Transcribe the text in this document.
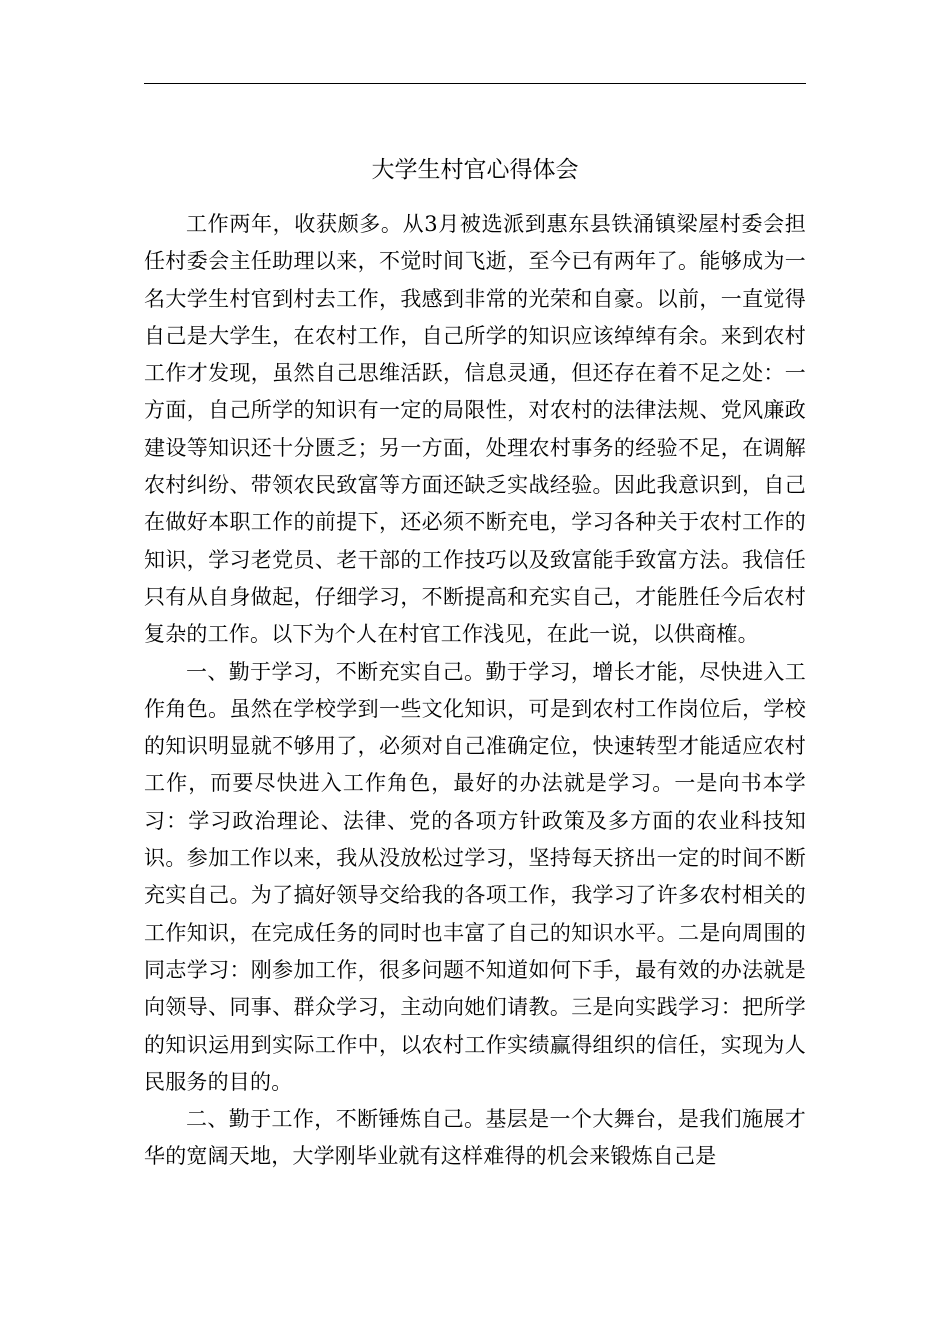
大学生村官心得体会

工作两年，收获颇多。从3月被选派到惠东县铁涌镇梁屋村委会担任村委会主任助理以来，不觉时间飞逝，至今已有两年了。能够成为一名大学生村官到村去工作，我感到非常的光荣和自豪。以前，一直觉得自己是大学生，在农村工作，自己所学的知识应该绰绰有余。来到农村工作才发现，虽然自己思维活跃，信息灵通，但还存在着不足之处：一方面，自己所学的知识有一定的局限性，对农村的法律法规、党风廉政建设等知识还十分匮乏；另一方面，处理农村事务的经验不足，在调解农村纠纷、带领农民致富等方面还缺乏实战经验。因此我意识到，自己在做好本职工作的前提下，还必须不断充电，学习各种关于农村工作的知识，学习老党员、老干部的工作技巧以及致富能手致富方法。我信任只有从自身做起，仔细学习，不断提高和充实自己，才能胜任今后农村复杂的工作。以下为个人在村官工作浅见，在此一说，以供商榷。

一、勤于学习，不断充实自己。勤于学习，增长才能，尽快进入工作角色。虽然在学校学到一些文化知识，可是到农村工作岗位后，学校的知识明显就不够用了，必须对自己准确定位，快速转型才能适应农村工作，而要尽快进入工作角色，最好的办法就是学习。一是向书本学习：学习政治理论、法律、党的各项方针政策及多方面的农业科技知识。参加工作以来，我从没放松过学习，坚持每天挤出一定的时间不断充实自己。为了搞好领导交给我的各项工作，我学习了许多农村相关的工作知识，在完成任务的同时也丰富了自己的知识水平。二是向周围的同志学习：刚参加工作，很多问题不知道如何下手，最有效的办法就是向领导、同事、群众学习，主动向她们请教。三是向实践学习：把所学的知识运用到实际工作中，以农村工作实绩赢得组织的信任，实现为人民服务的目的。

二、勤于工作，不断锤炼自己。基层是一个大舞台，是我们施展才华的宽阔天地，大学刚毕业就有这样难得的机会来锻炼自己是
